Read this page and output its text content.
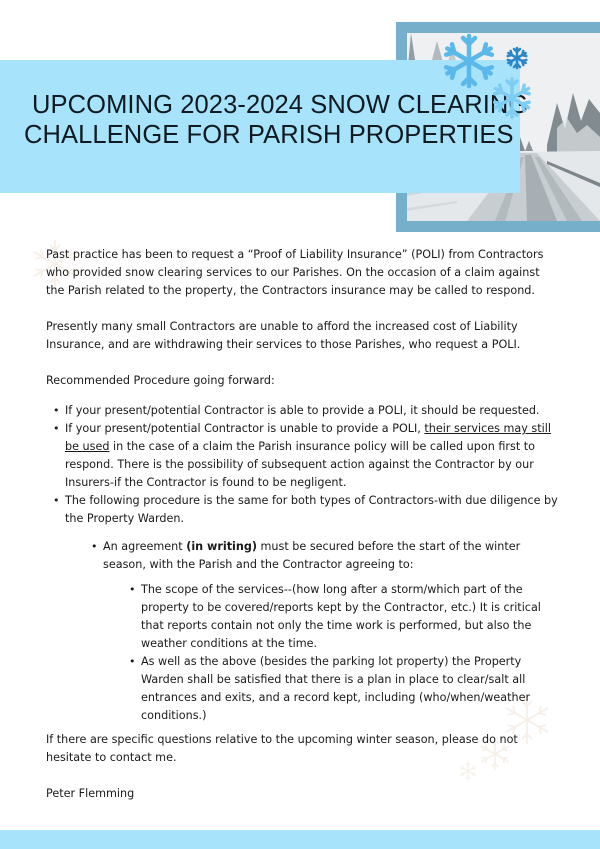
UPCOMING 2023-2024 SNOW CLEARING
CHALLENGE FOR PARISH PROPERTIES

Past practice has been to request a “Proof of Liability Insurance” (POLI) from Contractors who provided snow clearing services to our Parishes. On the occasion of a claim against the Parish related to the property, the Contractors insurance may be called to respond.

Presently many small Contractors are unable to afford the increased cost of Liability Insurance, and are withdrawing their services to those Parishes, who request a POLI.

Recommended Procedure going forward:

• If your present/potential Contractor is able to provide a POLI, it should be requested.
• If your present/potential Contractor is unable to provide a POLI, their services may still be used in the case of a claim the Parish insurance policy will be called upon first to respond. There is the possibility of subsequent action against the Contractor by our Insurers-if the Contractor is found to be negligent.
• The following procedure is the same for both types of Contractors-with due diligence by the Property Warden.
• An agreement (in writing) must be secured before the start of the winter season, with the Parish and the Contractor agreeing to:
• The scope of the services--(how long after a storm/which part of the property to be covered/reports kept by the Contractor, etc.) It is critical that reports contain not only the time work is performed, but also the weather conditions at the time.
• As well as the above (besides the parking lot property) the Property Warden shall be satisfied that there is a plan in place to clear/salt all entrances and exits, and a record kept, including (who/when/weather conditions.)

If there are specific questions relative to the upcoming winter season, please do not hesitate to contact me.

Peter Flemming
